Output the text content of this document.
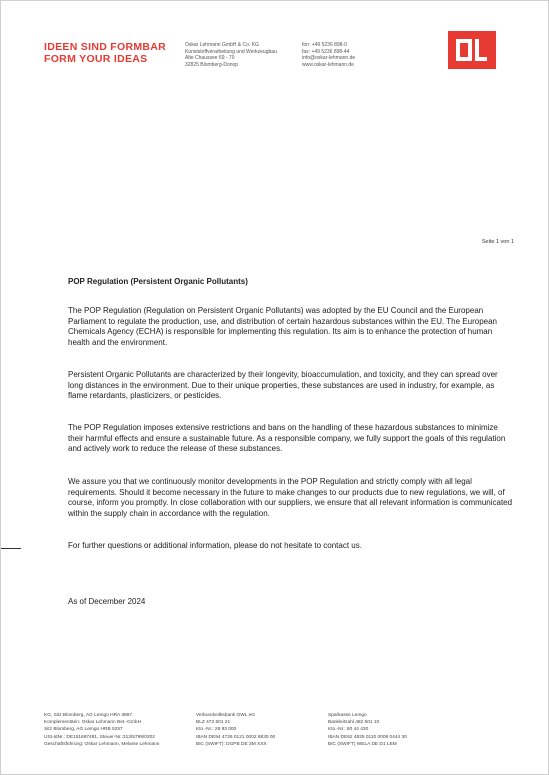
IDEEN SIND FORMBAR
FORM YOUR IDEAS
Oskar Lehmann GmbH & Co. KG
Kunststoffverarbeitung und Werkzeugbau
Alte Chaussee 69 - 70
32825 Blomberg-Donop
fon: +49 5236 898-0
fax: +49 5236 898-44
info@oskar-lehmann.de
www.oskar-lehmann.de
Seite 1 von 1
POP Regulation (Persistent Organic Pollutants)

The POP Regulation (Regulation on Persistent Organic Pollutants) was adopted by the EU Council and the European Parliament to regulate the production, use, and distribution of certain hazardous substances within the EU. The European Chemicals Agency (ECHA) is responsible for implementing this regulation. Its aim is to enhance the protection of human health and the environment.

Persistent Organic Pollutants are characterized by their longevity, bioaccumulation, and toxicity, and they can spread over long distances in the environment. Due to their unique properties, these substances are used in industry, for example, as flame retardants, plasticizers, or pesticides.

The POP Regulation imposes extensive restrictions and bans on the handling of these hazardous substances to minimize their harmful effects and ensure a sustainable future. As a responsible company, we fully support the goals of this regulation and actively work to reduce the release of these substances.

We assure you that we continuously monitor developments in the POP Regulation and strictly comply with all legal requirements. Should it become necessary in the future to make changes to our products due to new regulations, we will, of course, inform you promptly. In close collaboration with our suppliers, we ensure that all relevant information is communicated within the supply chain in accordance with the regulation.

For further questions or additional information, please do not hesitate to contact us.

As of December 2024
KG, Sitz Blomberg, AG Lemgo HRA 3897
Komplementärin: Oskar Lehmann Bet.-GmbH
Sitz Blomberg, AG Lemgo HRB 5257
USt-IdNr.: DE151697481, Steuer-Nr.:313/5799/0302
Geschäftsführung: Oskar Lehmann, Melanie Lehmann
Verbundvolksbank OWL eG
BLZ 472 601 21
Kto.-Nr.: 28 83 000
IBAN DE94 4726 0121 0002 8830 00
BIC (SWIFT): DGPB DE 3M XXX
Sparkasse Lemgo
Bankleitzahl 482 501 10
Kto.-Nr.: 80 44 430
IBAN DE62 4825 0110 0008 0444 30
BIC (SWIFT) WELA DE D1 LEM
